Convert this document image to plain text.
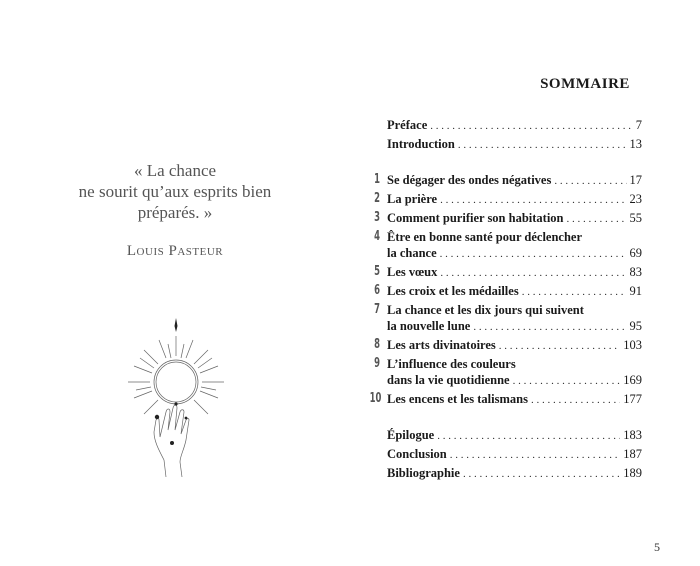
« La chance
ne sourit qu’aux esprits bien
préparés. »
Louis Pasteur
SOMMAIRE
Préface . . .	7
Introduction . . .	13
1 Se dégager des ondes négatives . . .	17
2 La prière . . .	23
3 Comment purifier son habitation . . .	55
4 Être en bonne santé pour déclencher
la chance . . .	69
5 Les vœux . . .	83
6 Les croix et les médailles . . .	91
7 La chance et les dix jours qui suivent
la nouvelle lune . . .	95
8 Les arts divinatoires . . .	103
9 L’influence des couleurs
dans la vie quotidienne . . .	169
10 Les encens et les talismans . . .	177
Épilogue . . .	183
Conclusion . . .	187
Bibliographie . . .	189
5
